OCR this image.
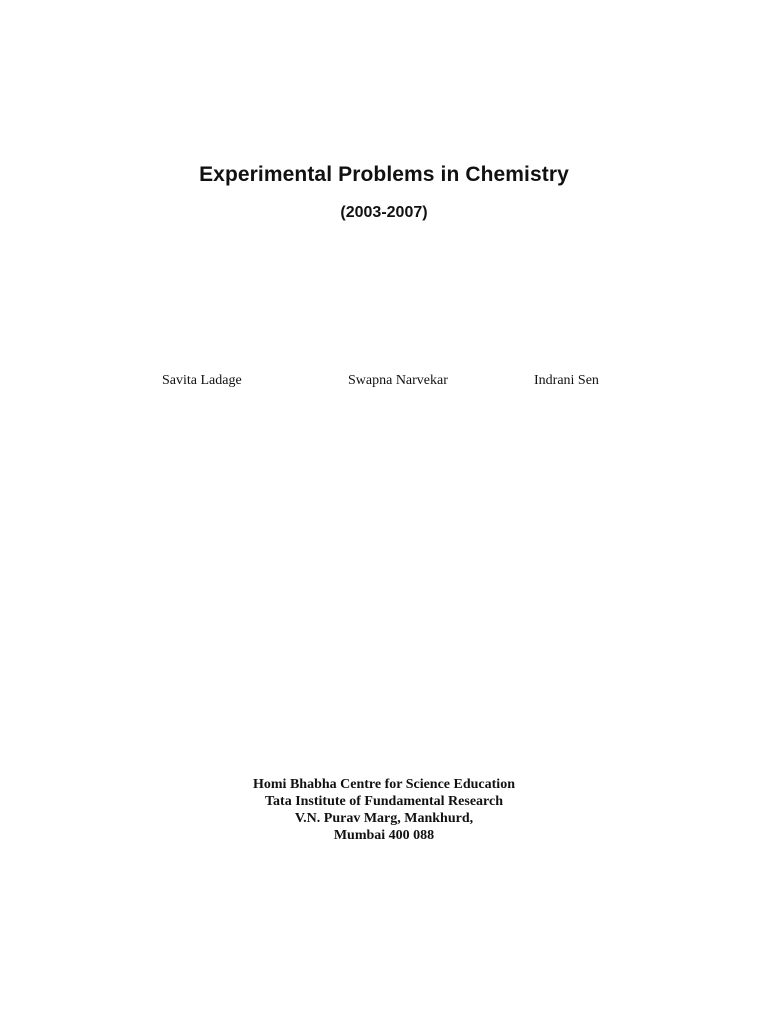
Experimental Problems in Chemistry
(2003-2007)
Savita Ladage	Swapna Narvekar	Indrani Sen
Homi Bhabha Centre for Science Education
Tata Institute of Fundamental Research
V.N. Purav Marg, Mankhurd,
Mumbai 400 088
